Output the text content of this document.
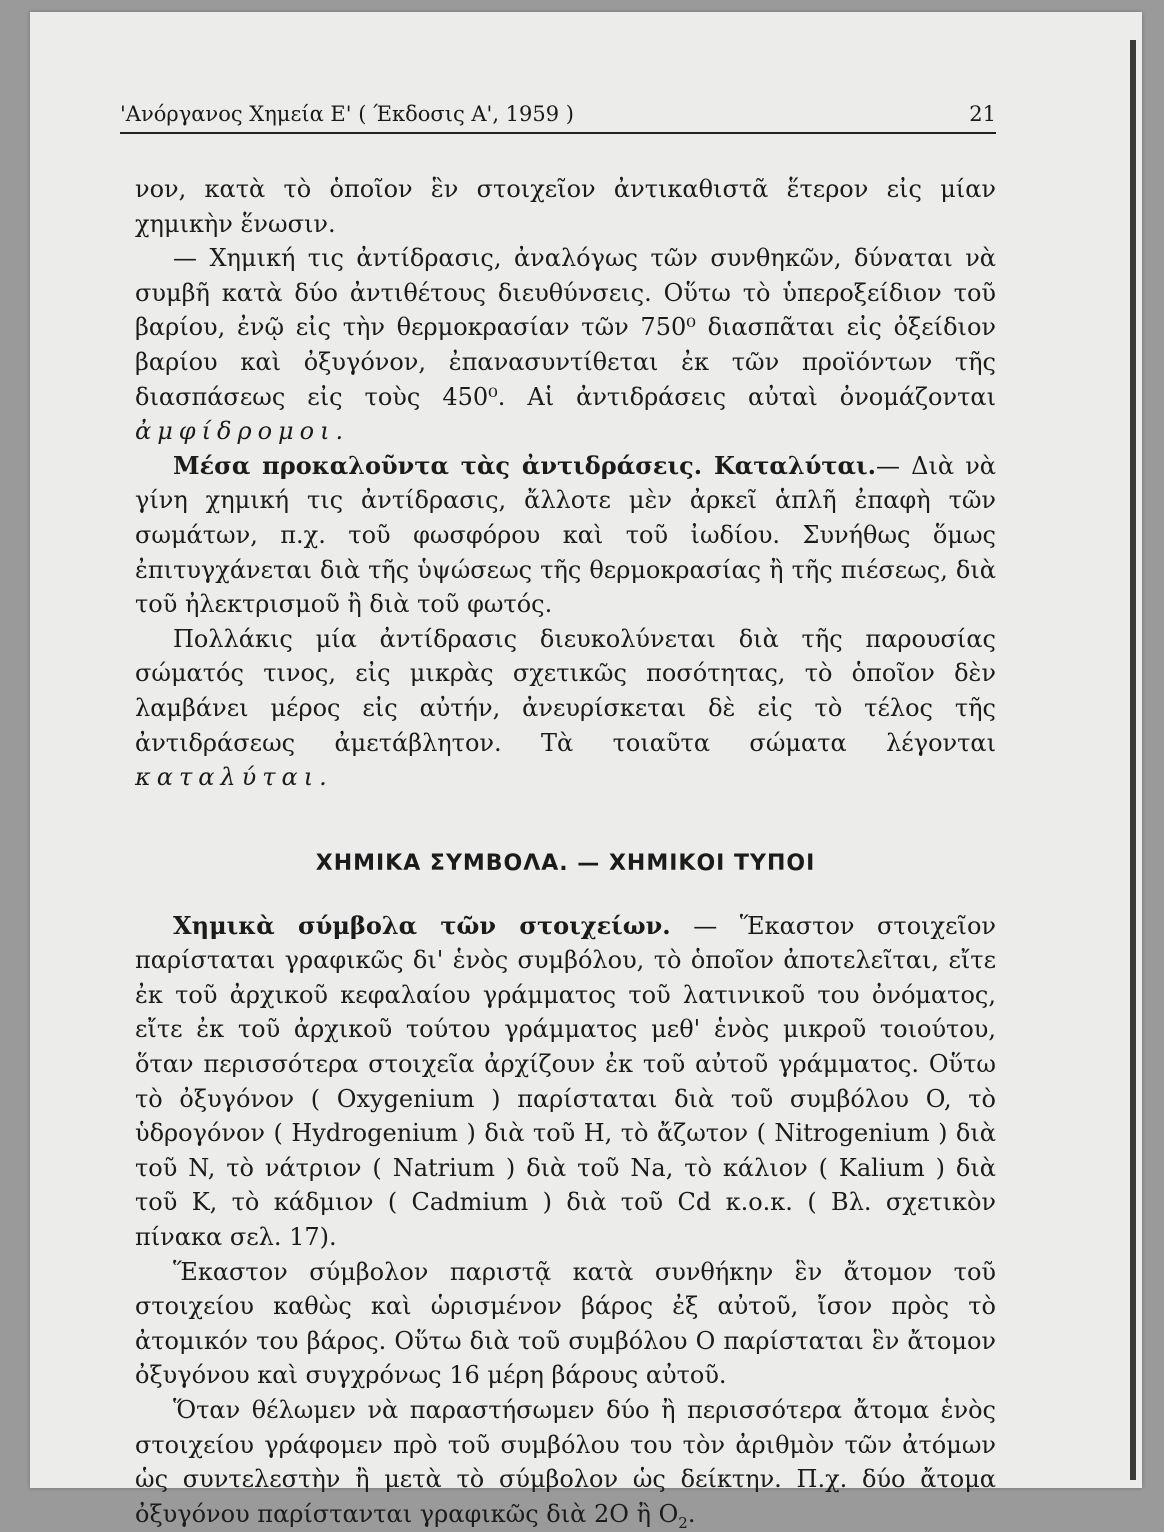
'Ανόργανος Χημεία Ε' ( Έκδοσις Α', 1959 )	21

νον, κατὰ τὸ ὁποῖον ἓν στοιχεῖον ἀντικαθιστᾶ ἕτερον εἰς μίαν χημικὴν ἕνωσιν.

— Χημική τις ἀντίδρασις, ἀναλόγως τῶν συνθηκῶν, δύναται νὰ συμβῆ κατὰ δύο ἀντιθέτους διευθύνσεις. Οὕτω τὸ ὑπεροξείδιον τοῦ βαρίου, ἐνῷ εἰς τὴν θερμοκρασίαν τῶν 750⁰ διασπᾶται εἰς ὀξείδιον βαρίου καὶ ὀξυγόνον, ἐπανασυντίθεται ἐκ τῶν προϊόντων τῆς διασπάσεως εἰς τοὺς 450⁰. Αἱ ἀντιδράσεις αὐταὶ ὀνομάζονται ἀμφίδρομοι.

Μέσα προκαλοῦντα τὰς ἀντιδράσεις. Καταλύται.— Διὰ νὰ γίνη χημική τις ἀντίδρασις, ἄλλοτε μὲν ἀρκεῖ ἁπλῆ ἐπαφὴ τῶν σωμάτων, π.χ. τοῦ φωσφόρου καὶ τοῦ ἰωδίου. Συνήθως ὅμως ἐπιτυγχάνεται διὰ τῆς ὑψώσεως τῆς θερμοκρασίας ἢ τῆς πιέσεως, διὰ τοῦ ἠλεκτρισμοῦ ἢ διὰ τοῦ φωτός.

Πολλάκις μία ἀντίδρασις διευκολύνεται διὰ τῆς παρουσίας σώματός τινος, εἰς μικρὰς σχετικῶς ποσότητας, τὸ ὁποῖον δὲν λαμβάνει μέρος εἰς αὐτήν, ἀνευρίσκεται δὲ εἰς τὸ τέλος τῆς ἀντιδράσεως ἀμετάβλητον. Τὰ τοιαῦτα σώματα λέγονται καταλύται.

ΧΗΜΙΚΑ ΣΥΜΒΟΛΑ. — ΧΗΜΙΚΟΙ ΤΥΠΟΙ

Χημικὰ σύμβολα τῶν στοιχείων. — Ἕκαστον στοιχεῖον παρίσταται γραφικῶς δι' ἑνὸς συμβόλου, τὸ ὁποῖον ἀποτελεῖται, εἴτε ἐκ τοῦ ἀρχικοῦ κεφαλαίου γράμματος τοῦ λατινικοῦ του ὀνόματος, εἴτε ἐκ τοῦ ἀρχικοῦ τούτου γράμματος μεθ' ἑνὸς μικροῦ τοιούτου, ὅταν περισσότερα στοιχεῖα ἀρχίζουν ἐκ τοῦ αὐτοῦ γράμματος. Οὕτω τὸ ὀξυγόνον ( Oxygenium ) παρίσταται διὰ τοῦ συμβόλου O, τὸ ὑδρογόνον ( Hydrogenium ) διὰ τοῦ H, τὸ ἄζωτον ( Nitrogenium ) διὰ τοῦ N, τὸ νάτριον ( Natrium ) διὰ τοῦ Na, τὸ κάλιον ( Kalium ) διὰ τοῦ K, τὸ κάδμιον ( Cadmium ) διὰ τοῦ Cd κ.ο.κ. ( Βλ. σχετικὸν πίνακα σελ. 17).

Ἕκαστον σύμβολον παριστᾷ κατὰ συνθήκην ἓν ἄτομον τοῦ στοιχείου καθὼς καὶ ὡρισμένον βάρος ἐξ αὐτοῦ, ἴσον πρὸς τὸ ἀτομικόν του βάρος. Οὕτω διὰ τοῦ συμβόλου O παρίσταται ἓν ἄτομον ὀξυγόνου καὶ συγχρόνως 16 μέρη βάρους αὐτοῦ.

Ὅταν θέλωμεν νὰ παραστήσωμεν δύο ἢ περισσότερα ἄτομα ἑνὸς στοιχείου γράφομεν πρὸ τοῦ συμβόλου του τὸν ἀριθμὸν τῶν ἀτόμων ὡς συντελεστὴν ἢ μετὰ τὸ σύμβολον ὡς δείκτην. Π.χ. δύο ἄτομα ὀξυγόνου παρίστανται γραφικῶς διὰ 2O ἢ $O_2$.
